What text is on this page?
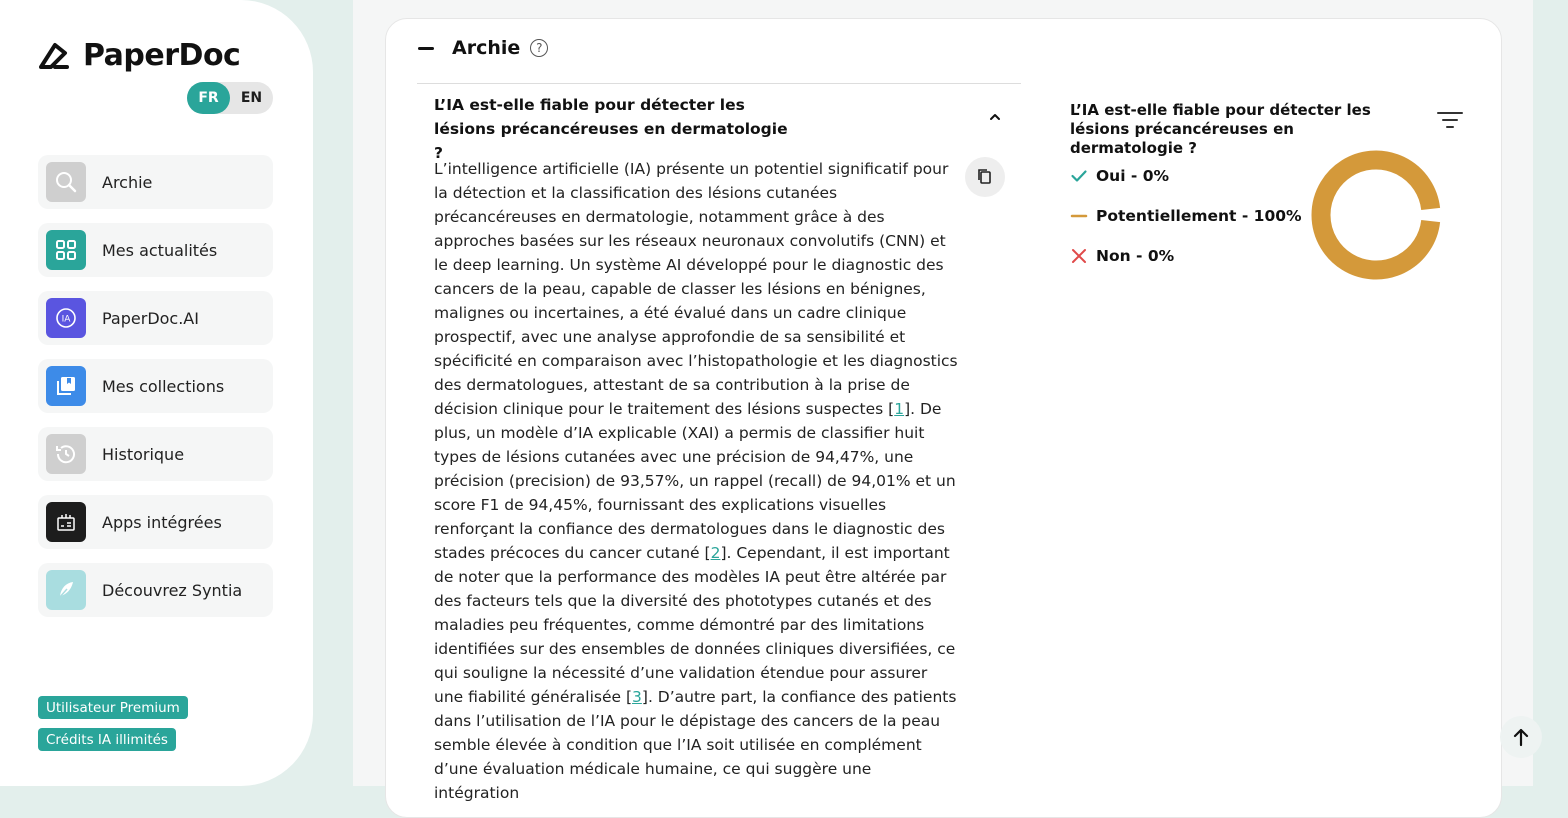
PaperDoc
FR	EN
Archie
Mes actualités
IA PaperDoc.AI
Mes collections
Historique
Apps intégrées
Découvrez Syntia
Utilisateur Premium
Crédits IA illimités
Archie	?
L’IA est-elle fiable pour détecter les lésions précancéreuses en dermatologie ?

L’intelligence artificielle (IA) présente un potentiel significatif pour la détection et la classification des lésions cutanées précancéreuses en dermatologie, notamment grâce à des approches basées sur les réseaux neuronaux convolutifs (CNN) et le deep learning. Un système AI développé pour le diagnostic des cancers de la peau, capable de classer les lésions en bénignes, malignes ou incertaines, a été évalué dans un cadre clinique prospectif, avec une analyse approfondie de sa sensibilité et spécificité en comparaison avec l’histopathologie et les diagnostics des dermatologues, attestant de sa contribution à la prise de décision clinique pour le traitement des lésions suspectes [1]. De plus, un modèle d’IA explicable (XAI) a permis de classifier huit types de lésions cutanées avec une précision de 94,47%, une précision (precision) de 93,57%, un rappel (recall) de 94,01% et un score F1 de 94,45%, fournissant des explications visuelles renforçant la confiance des dermatologues dans le diagnostic des stades précoces du cancer cutané [2]. Cependant, il est important de noter que la performance des modèles IA peut être altérée par des facteurs tels que la diversité des phototypes cutanés et des maladies peu fréquentes, comme démontré par des limitations identifiées sur des ensembles de données cliniques diversifiées, ce qui souligne la nécessité d’une validation étendue pour assurer une fiabilité généralisée [3]. D’autre part, la confiance des patients dans l’utilisation de l’IA pour le dépistage des cancers de la peau semble élevée à condition que l’IA soit utilisée en complément d’une évaluation médicale humaine, ce qui suggère une intégration

L’IA est-elle fiable pour détecter les lésions précancéreuses en dermatologie ?
Oui - 0%
Potentiellement - 100%
Non - 0%
